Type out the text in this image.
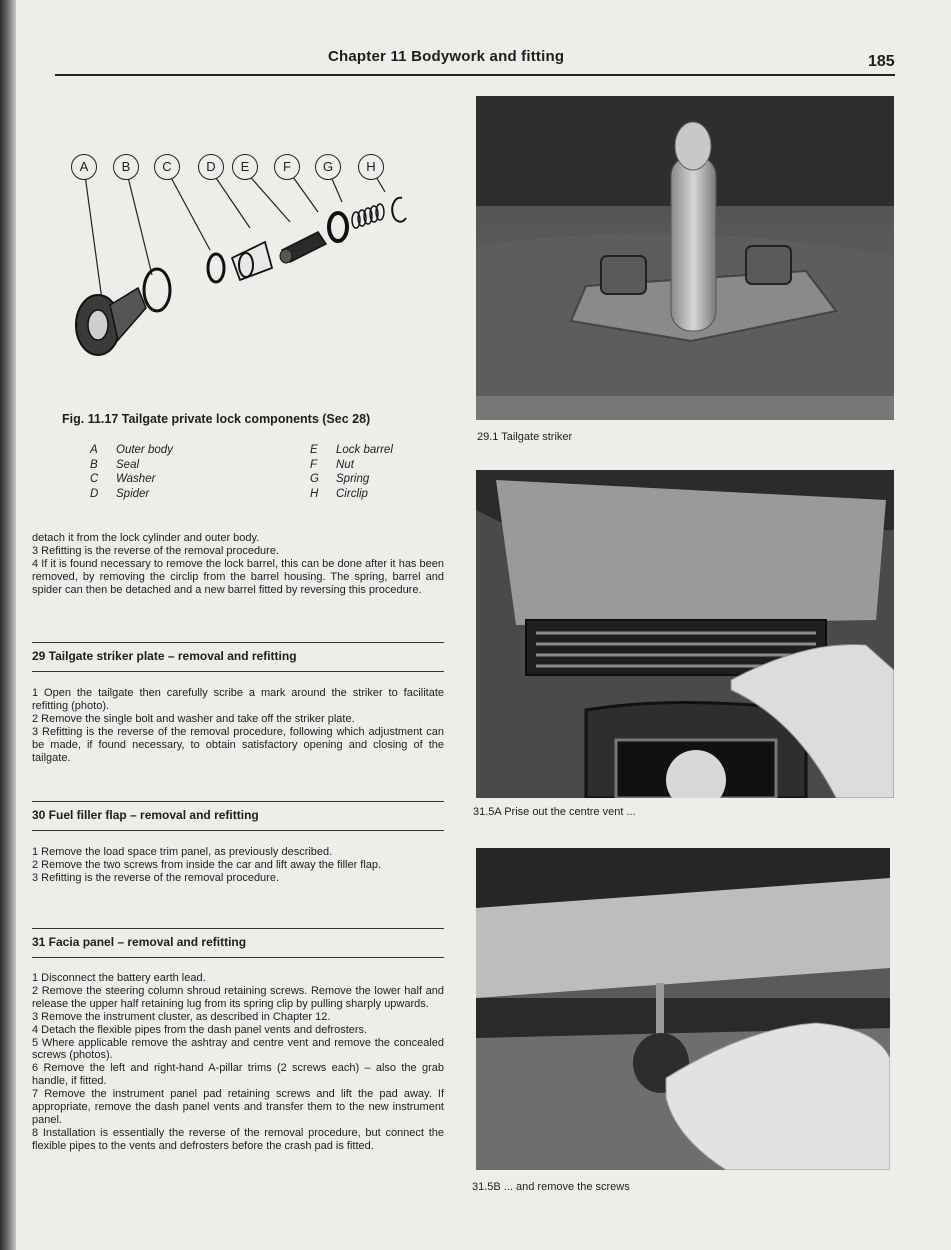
Chapter 11 Bodywork and fitting	185
A	B	C	D	E	F	G	H
Fig. 11.17 Tailgate private lock components (Sec 28)
A	Outer body	E	Lock barrel
B	Seal	F	Nut
C	Washer	G	Spring
D	Spider	H	Circlip

detach it from the lock cylinder and outer body.

3 Refitting is the reverse of the removal procedure.

4 If it is found necessary to remove the lock barrel, this can be done after it has been removed, by removing the circlip from the barrel housing. The spring, barrel and spider can then be detached and a new barrel fitted by reversing this procedure.

29 Tailgate striker plate – removal and refitting

1 Open the tailgate then carefully scribe a mark around the striker to facilitate refitting (photo).

2 Remove the single bolt and washer and take off the striker plate.

3 Refitting is the reverse of the removal procedure, following which adjustment can be made, if found necessary, to obtain satisfactory opening and closing of the tailgate.

30 Fuel filler flap – removal and refitting

1 Remove the load space trim panel, as previously described.

2 Remove the two screws from inside the car and lift away the filler flap.

3 Refitting is the reverse of the removal procedure.

31 Facia panel – removal and refitting

1 Disconnect the battery earth lead.

2 Remove the steering column shroud retaining screws. Remove the lower half and release the upper half retaining lug from its spring clip by pulling sharply upwards.

3 Remove the instrument cluster, as described in Chapter 12.

4 Detach the flexible pipes from the dash panel vents and defrosters.

5 Where applicable remove the ashtray and centre vent and remove the concealed screws (photos).

6 Remove the left and right-hand A-pillar trims (2 screws each) – also the grab handle, if fitted.

7 Remove the instrument panel pad retaining screws and lift the pad away. If appropriate, remove the dash panel vents and transfer them to the new instrument panel.

8 Installation is essentially the reverse of the removal procedure, but connect the flexible pipes to the vents and defrosters before the crash pad is fitted.

29.1 Tailgate striker
31.5A Prise out the centre vent ...
31.5B ... and remove the screws
